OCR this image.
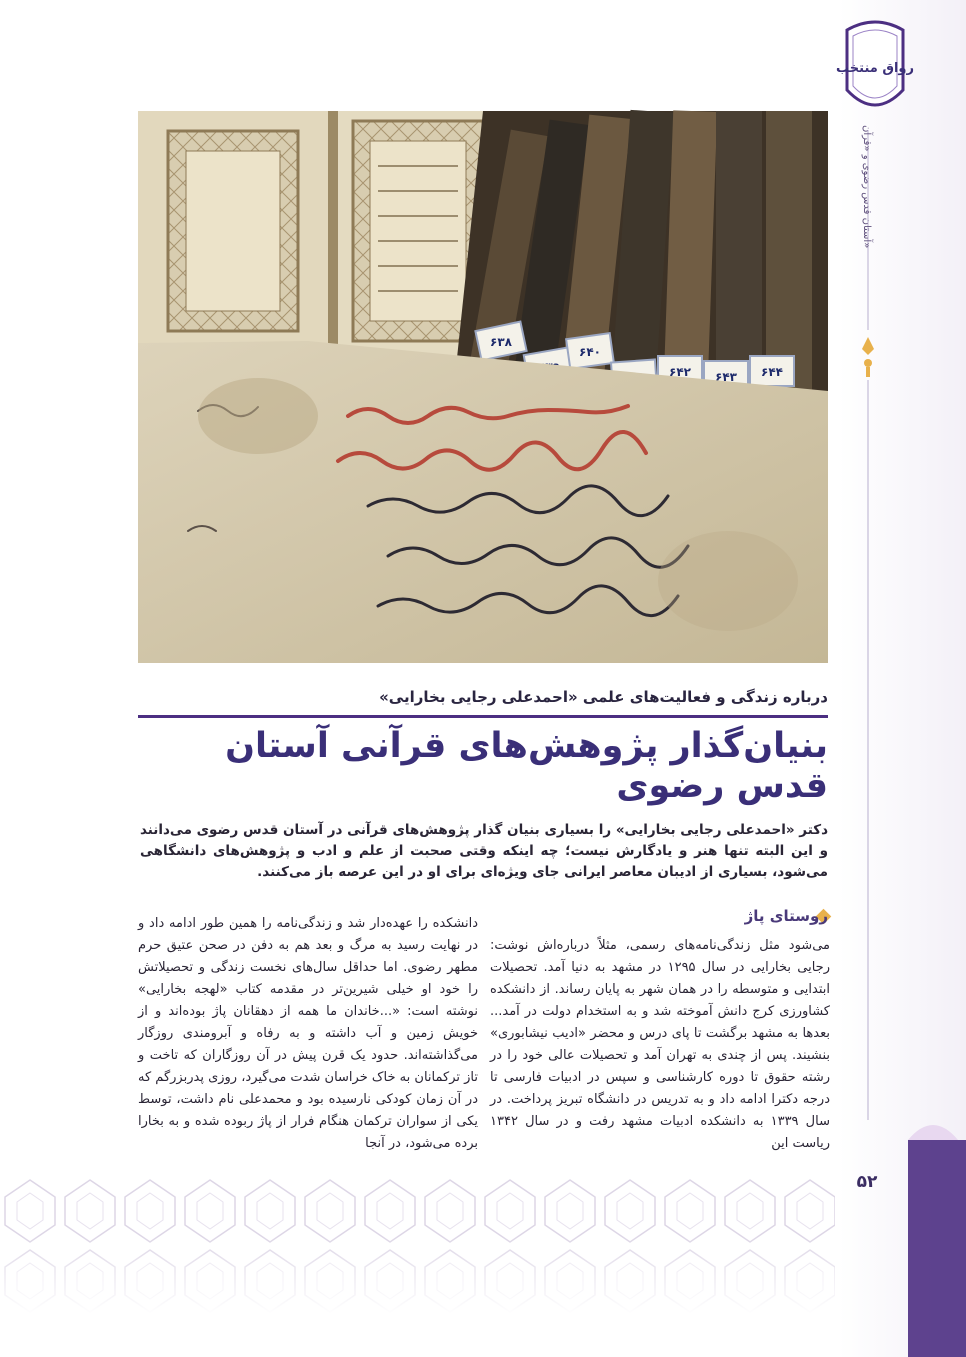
رواق منتخب
آستان قدس رضوی و «قرآن»
۶۳۸
۶۴۰
۶۴۲ ۶۴۳ ۶۴۴
درباره زندگی و فعالیت‌های علمی «احمدعلی رجایی بخارایی»
بنیان‌گذار پژوهش‌های قرآنی آستان قدس رضوی

دکتر «احمدعلی رجایی بخارایی» را بسیاری بنیان گذار پژوهش‌های قرآنی در آستان قدس رضوی می‌دانند و این البته تنها هنر و یادگارش نیست؛ چه اینکه وقتی صحبت از علم و ادب و پژوهش‌های دانشگاهی می‌شود، بسیاری از ادیبان معاصر ایرانی جای ویژه‌ای برای او در این عرصه باز می‌کنند.

روستای پاژ

می‌شود مثل زندگی‌نامه‌های رسمی، مثلاً درباره‌اش نوشت: رجایی بخارایی در سال ۱۲۹۵ در مشهد به دنیا آمد. تحصیلات ابتدایی و متوسطه را در همان شهر به پایان رساند. از دانشکده کشاورزی کرج دانش آموخته شد و به استخدام دولت در آمد... بعدها به مشهد برگشت تا پای درس و محضر «ادیب نیشابوری» بنشیند. پس از چندی به تهران آمد و تحصیلات عالی خود را در رشته حقوق تا دوره کارشناسی و سپس در ادبیات فارسی تا درجه دکترا ادامه داد و به تدریس در دانشگاه تبریز پرداخت. در سال ۱۳۳۹ به دانشکده ادبیات مشهد رفت و در سال ۱۳۴۲ ریاست این

دانشکده را عهده‌دار شد و زندگی‌نامه را همین طور ادامه داد و در نهایت رسید به مرگ و بعد هم به دفن در صحن عتیق حرم مطهر رضوی. اما حداقل سال‌های نخست زندگی و تحصیلاتش را خود او خیلی شیرین‌تر در مقدمه کتاب «لهجه بخارایی» نوشته است: «...خاندان ما همه از دهقانان پاژ بوده‌اند و از خویش زمین و آب داشته و به رفاه و آبرومندی روزگار می‌گذاشته‌اند. حدود یک قرن پیش در آن روزگاران که تاخت و تاز ترکمانان به خاک خراسان شدت می‌گیرد، روزی پدربزرگم که در آن زمان کودکی نارسیده بود و محمدعلی نام داشت، توسط یکی از سواران ترکمان هنگام فرار از پاژ ربوده شده و به بخارا برده می‌شود، در آنجا

۵۲
